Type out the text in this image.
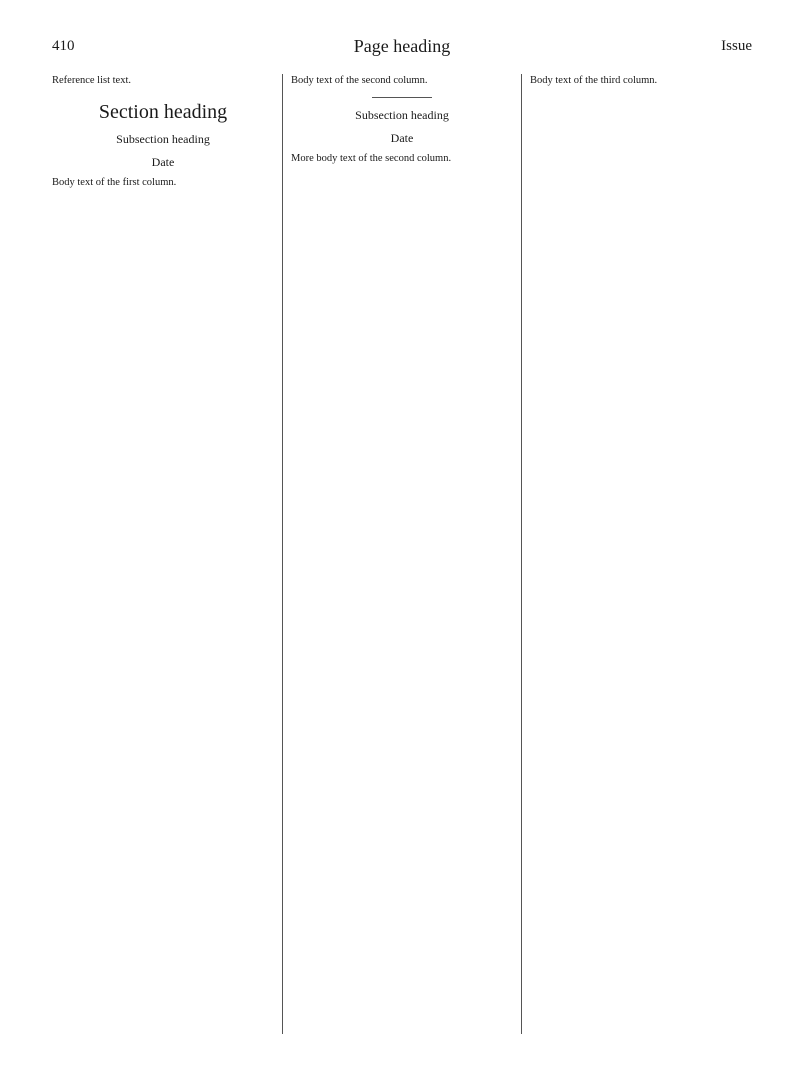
410	Page heading	Issue

Reference list text.

Section heading
Subsection heading
Date

Body text of the first column.

Body text of the second column.

Subsection heading
Date

More body text of the second column.

Body text of the third column.
